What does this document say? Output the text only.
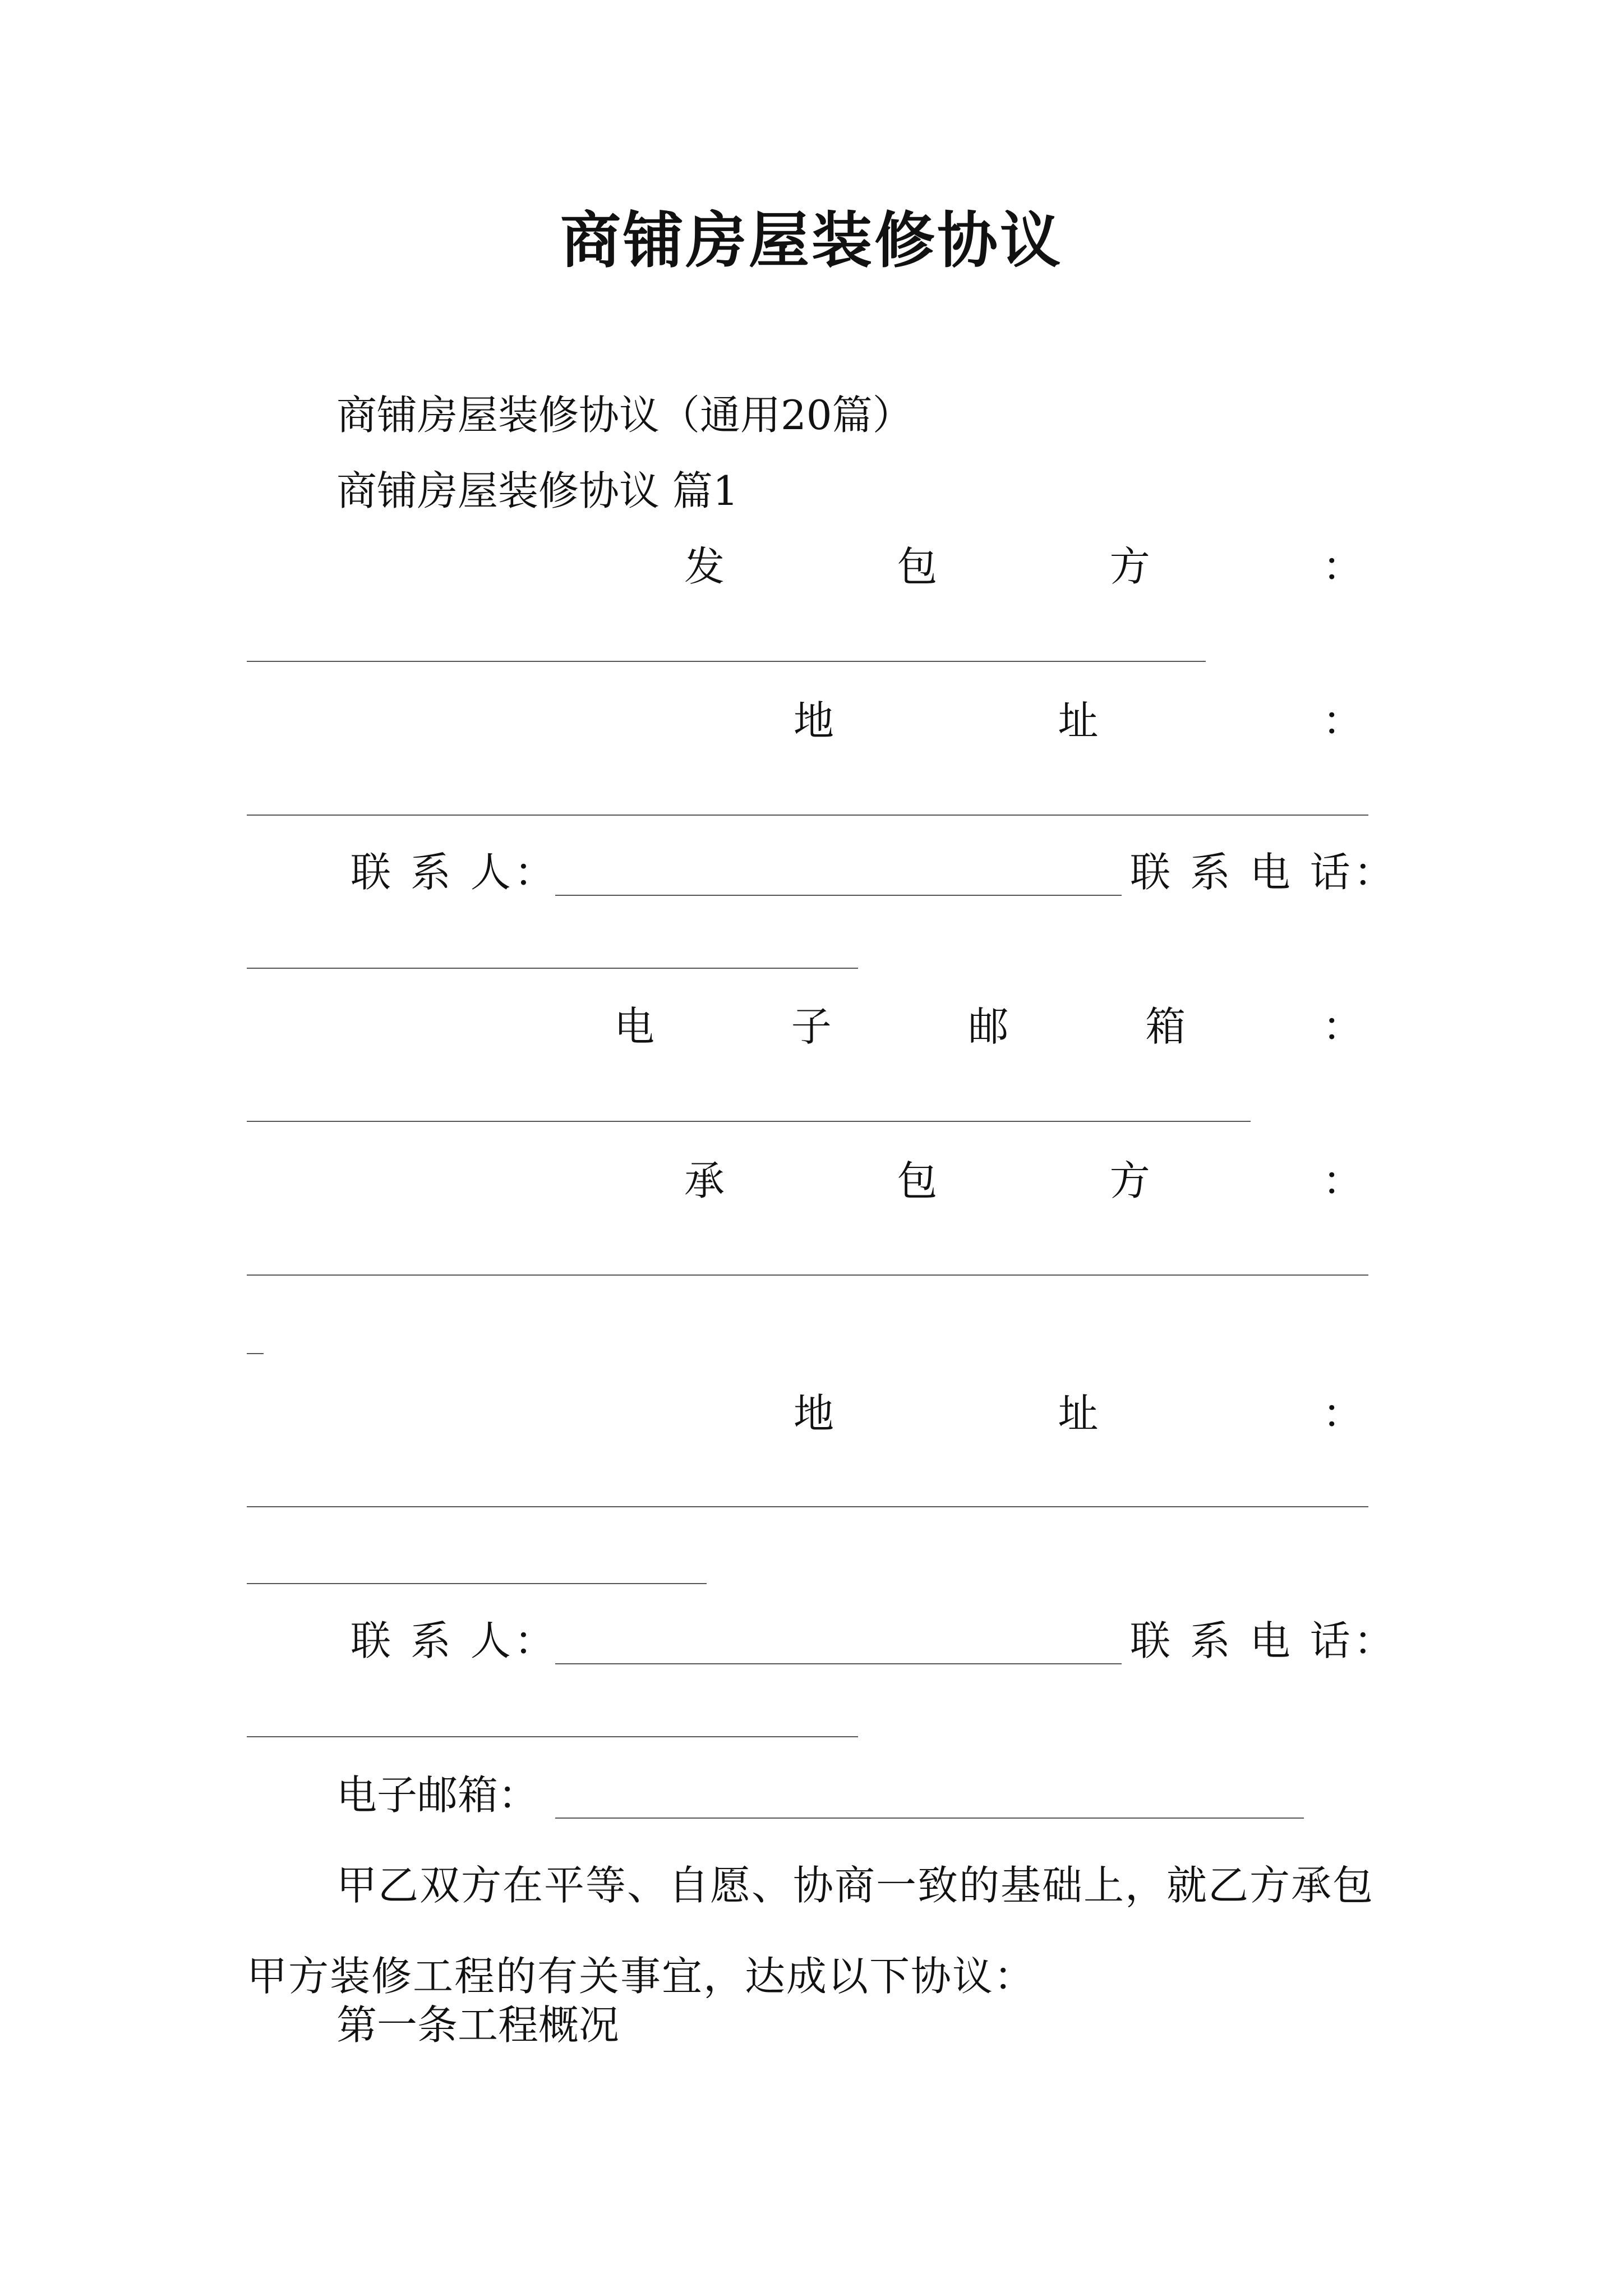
商铺房屋装修协议
商铺房屋装修协议（通用20篇）
商铺房屋装修协议 篇1
发	包	方	：
地	址	：
联 系 人：	联 系 电 话：
电	子	邮	箱	：
承	包	方	：
地	址	：
联 系 人：	联 系 电 话：
电子邮箱：
甲乙双方在平等、自愿、协商一致的基础上，就乙方承包甲方装修工程的有关事宜，达成以下协议：
第一条工程概况
